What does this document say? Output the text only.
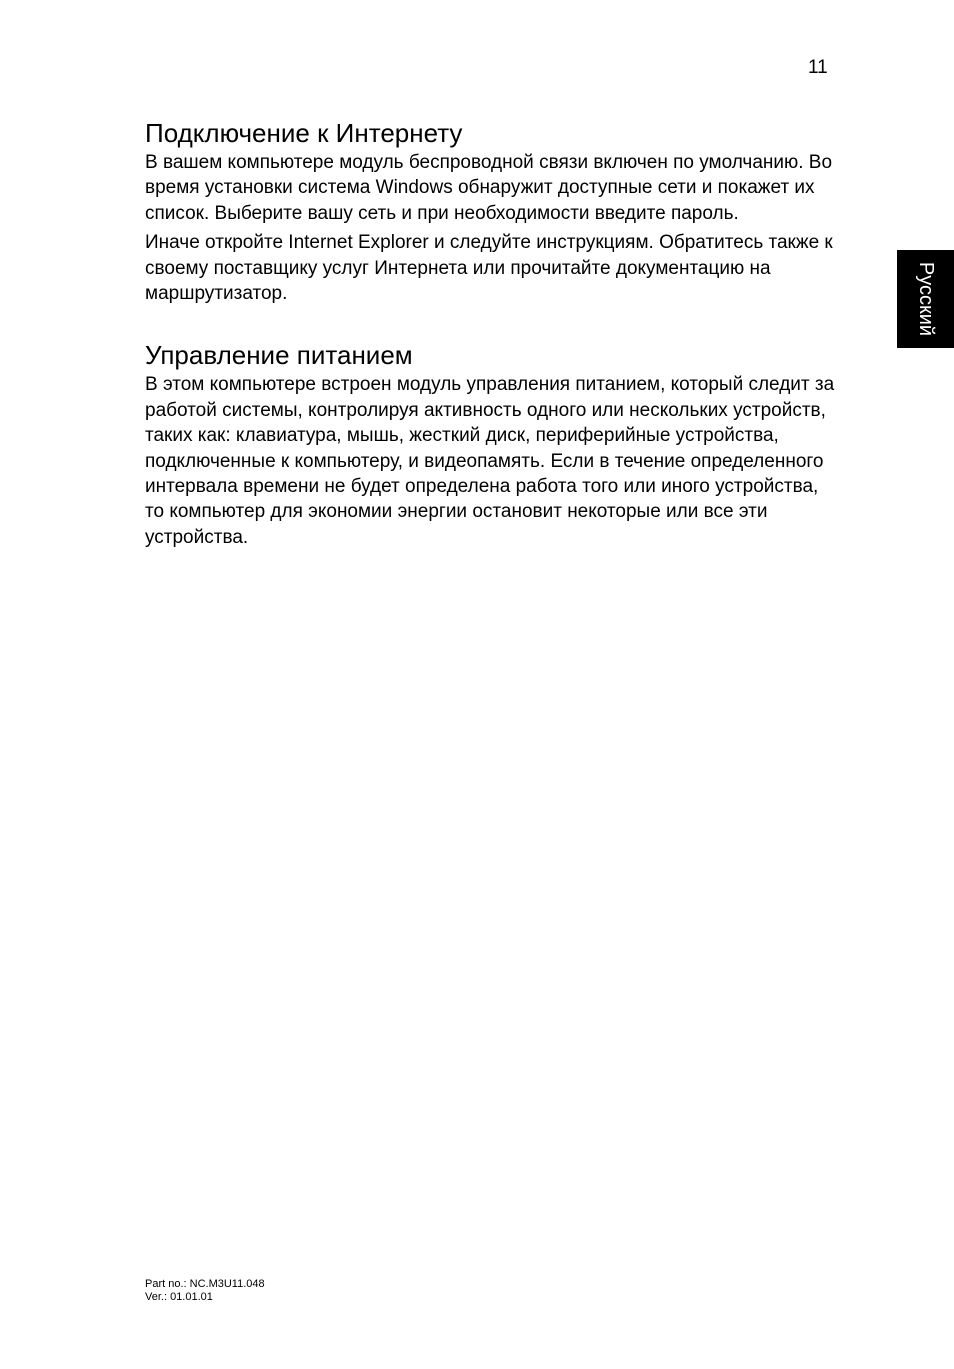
11
Русский
Подключение к Интернету

В вашем компьютере модуль беспроводной связи включен по умолчанию. Во время установки система Windows обнаружит доступные сети и покажет их список. Выберите вашу сеть и при необходимости введите пароль.

Иначе откройте Internet Explorer и следуйте инструкциям. Обратитесь также к своему поставщику услуг Интернета или прочитайте документацию на маршрутизатор.

Управление питанием

В этом компьютере встроен модуль управления питанием, который следит за работой системы, контролируя активность одного или нескольких устройств, таких как: клавиатура, мышь, жесткий диск, периферийные устройства, подключенные к компьютеру, и видеопамять. Если в течение определенного интервала времени не будет определена работа того или иного устройства, то компьютер для экономии энергии остановит некоторые или все эти устройства.

Part no.: NC.M3U11.048
Ver.: 01.01.01
